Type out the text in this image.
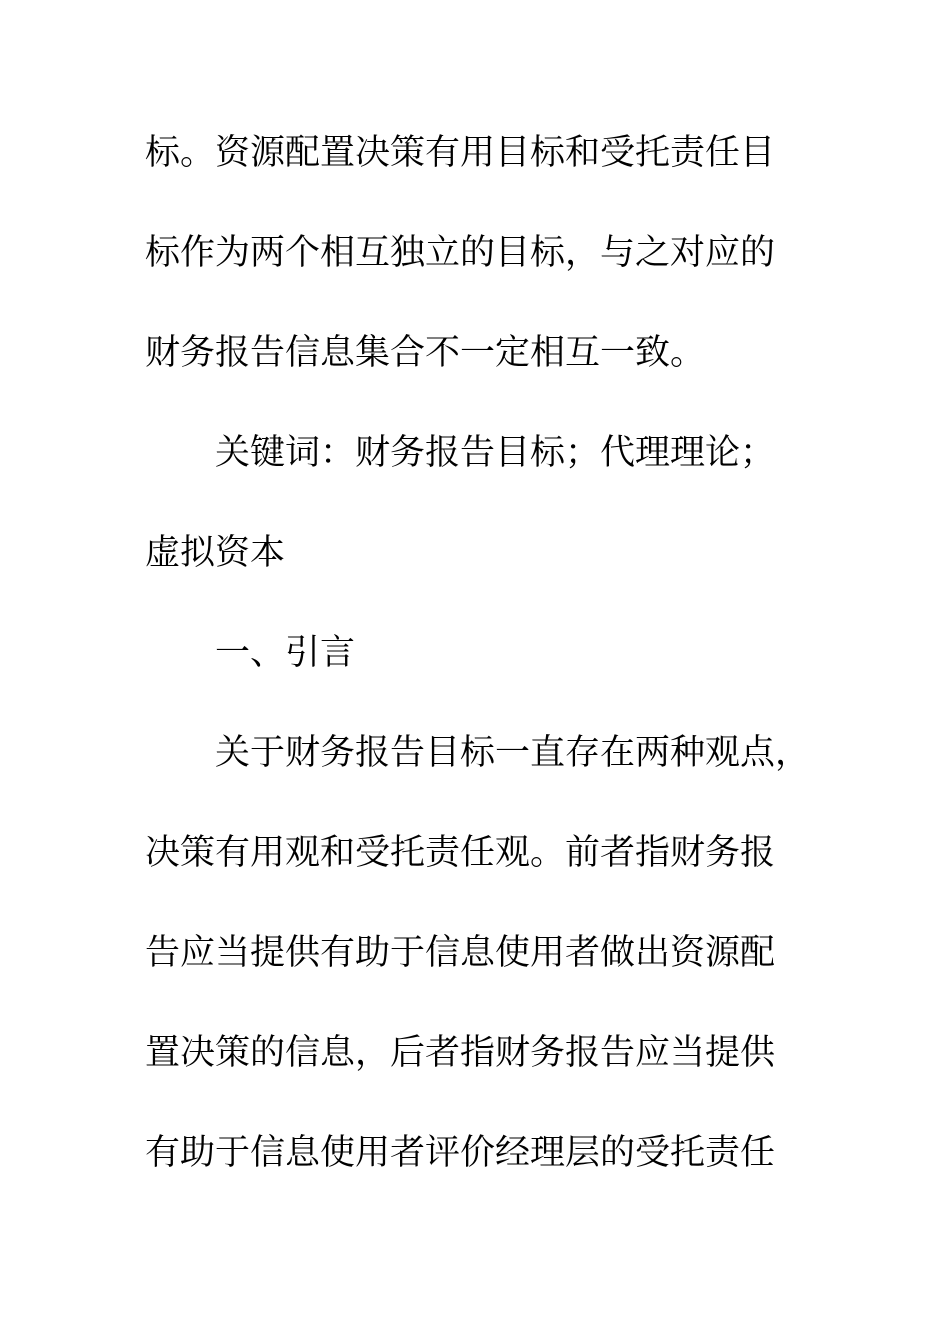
标。资源配置决策有用目标和受托责任目
标作为两个相互独立的目标，与之对应的
财务报告信息集合不一定相互一致。
关键词：财务报告目标；代理理论；
虚拟资本
一、引言
关于财务报告目标一直存在两种观点，
决策有用观和受托责任观。前者指财务报
告应当提供有助于信息使用者做出资源配
置决策的信息，后者指财务报告应当提供
有助于信息使用者评价经理层的受托责任
